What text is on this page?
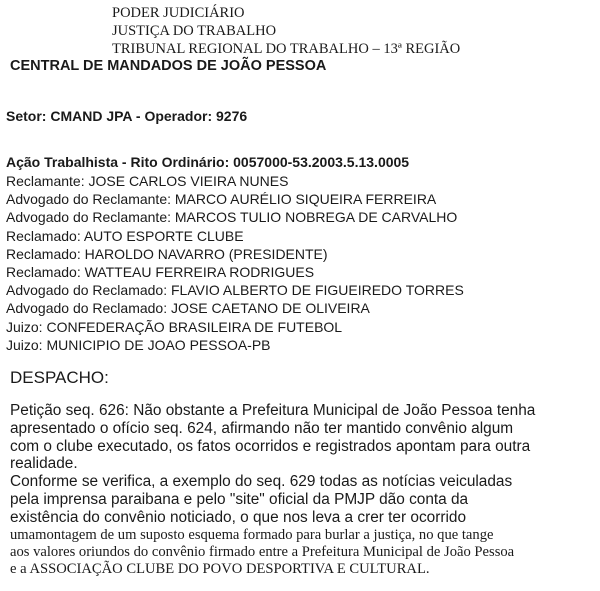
PODER JUDICIÁRIO
JUSTIÇA DO TRABALHO
TRIBUNAL REGIONAL DO TRABALHO – 13ª REGIÃO
CENTRAL DE MANDADOS DE JOÃO PESSOA
Setor: CMAND JPA - Operador: 9276
Ação Trabalhista - Rito Ordinário: 0057000-53.2003.5.13.0005
Reclamante: JOSE CARLOS VIEIRA NUNES
Advogado do Reclamante: MARCO AURÉLIO SIQUEIRA FERREIRA
Advogado do Reclamante: MARCOS TULIO NOBREGA DE CARVALHO
Reclamado: AUTO ESPORTE CLUBE
Reclamado: HAROLDO NAVARRO (PRESIDENTE)
Reclamado: WATTEAU FERREIRA RODRIGUES
Advogado do Reclamado: FLAVIO ALBERTO DE FIGUEIREDO TORRES
Advogado do Reclamado: JOSE CAETANO DE OLIVEIRA
Juizo: CONFEDERAÇÃO BRASILEIRA DE FUTEBOL
Juizo: MUNICIPIO DE JOAO PESSOA-PB
DESPACHO:
Petição seq. 626: Não obstante a Prefeitura Municipal de João Pessoa tenha
apresentado o ofício seq. 624, afirmando não ter mantido convênio algum
com o clube executado, os fatos ocorridos e registrados apontam para outra
realidade.
Conforme se verifica, a exemplo do seq. 629 todas as notícias veiculadas
pela imprensa paraibana e pelo "site" oficial da PMJP dão conta da
existência do convênio noticiado, o que nos leva a crer ter ocorrido
umamontagem de um suposto esquema formado para burlar a justiça, no que tange
aos valores oriundos do convênio firmado entre a Prefeitura Municipal de João Pessoa
e a ASSOCIAÇÃO CLUBE DO POVO DESPORTIVA E CULTURAL.
